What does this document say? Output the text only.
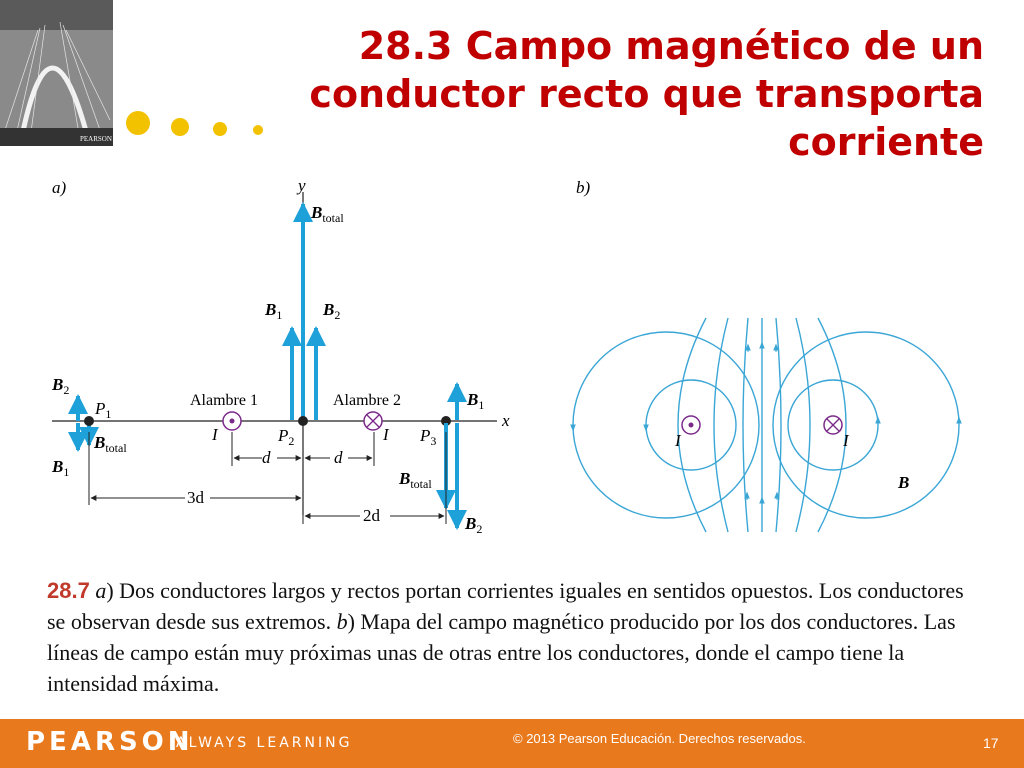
PEARSON
28.3 Campo magnético de un
conductor recto que transporta
corriente
a)	y
x
$B_{total}$
$B_1$ $B_2$
$B_2$
$B_1$
$B_{total}$
$P_1$
Alambre 1
I	$P_2$
Alambre 2
I $P_3$
$B_1$
$B_{total}$
$B_2$
d	d
3d
2d
b)
I	I
B
28.7 a) Dos conductores largos y rectos portan corrientes iguales en sentidos opuestos. Los conductores se observan desde sus extremos. b) Mapa del campo magnético producido por los dos conductores. Las líneas de campo están muy próximas unas de otras entre los conductores, donde el campo tiene la intensidad máxima.
PEARSON
ALWAYS LEARNING	© 2013 Pearson Educación. Derechos reservados.	17
